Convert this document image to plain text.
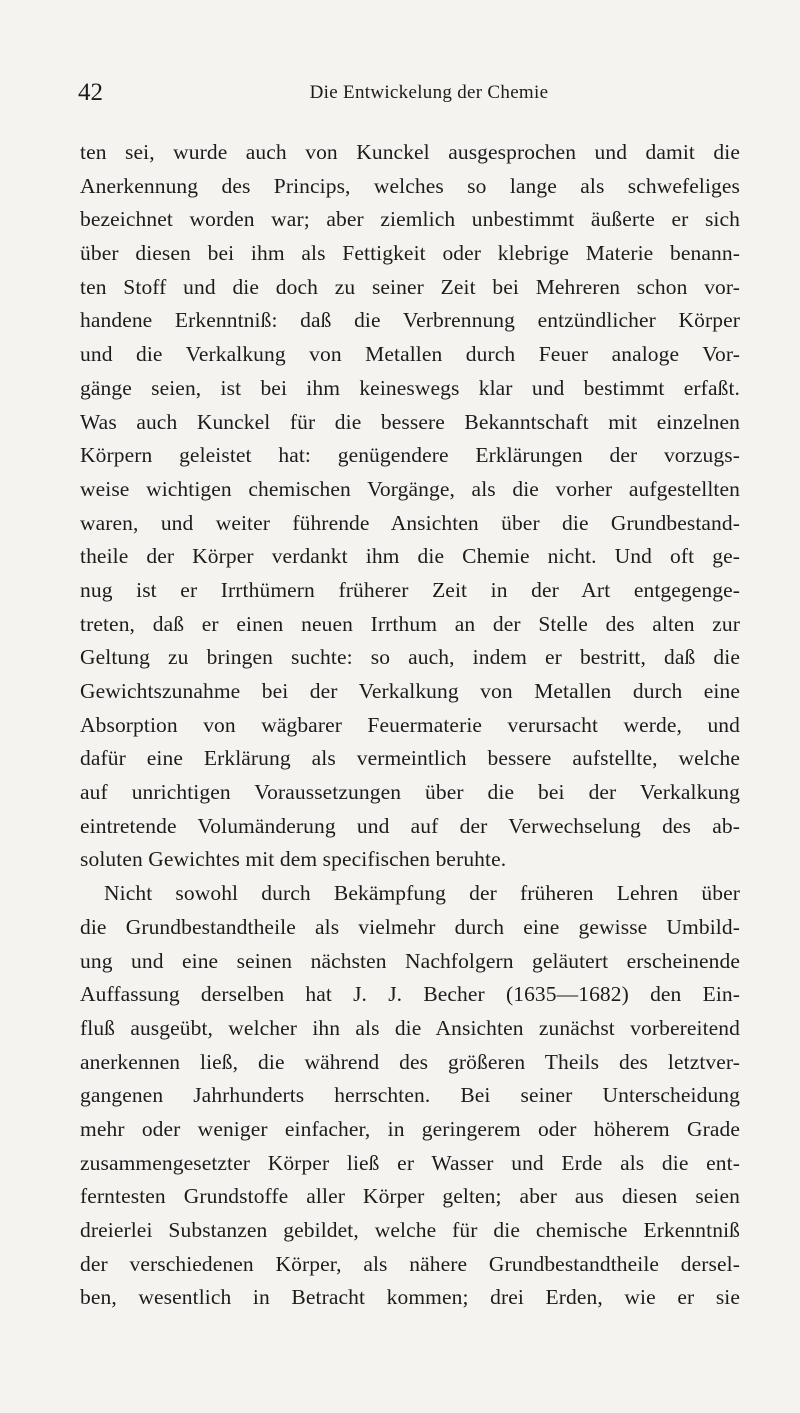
42	Die Entwickelung der Chemie
ten sei, wurde auch von Kunckel ausgesprochen und damit die
Anerkennung des Princips, welches so lange als schwefeliges
bezeichnet worden war; aber ziemlich unbestimmt äußerte er sich
über diesen bei ihm als Fettigkeit oder klebrige Materie benann-
ten Stoff und die doch zu seiner Zeit bei Mehreren schon vor-
handene Erkenntniß: daß die Verbrennung entzündlicher Körper
und die Verkalkung von Metallen durch Feuer analoge Vor-
gänge seien, ist bei ihm keineswegs klar und bestimmt erfaßt.
Was auch Kunckel für die bessere Bekanntschaft mit einzelnen
Körpern geleistet hat: genügendere Erklärungen der vorzugs-
weise wichtigen chemischen Vorgänge, als die vorher aufgestellten
waren, und weiter führende Ansichten über die Grundbestand-
theile der Körper verdankt ihm die Chemie nicht. Und oft ge-
nug ist er Irrthümern früherer Zeit in der Art entgegenge-
treten, daß er einen neuen Irrthum an der Stelle des alten zur
Geltung zu bringen suchte: so auch, indem er bestritt, daß die
Gewichtszunahme bei der Verkalkung von Metallen durch eine
Absorption von wägbarer Feuermaterie verursacht werde, und
dafür eine Erklärung als vermeintlich bessere aufstellte, welche
auf unrichtigen Voraussetzungen über die bei der Verkalkung
eintretende Volumänderung und auf der Verwechselung des ab-
soluten Gewichtes mit dem specifischen beruhte.
Nicht sowohl durch Bekämpfung der früheren Lehren über
die Grundbestandtheile als vielmehr durch eine gewisse Umbild-
ung und eine seinen nächsten Nachfolgern geläutert erscheinende
Auffassung derselben hat J. J. Becher (1635—1682) den Ein-
fluß ausgeübt, welcher ihn als die Ansichten zunächst vorbereitend
anerkennen ließ, die während des größeren Theils des letztver-
gangenen Jahrhunderts herrschten. Bei seiner Unterscheidung
mehr oder weniger einfacher, in geringerem oder höherem Grade
zusammengesetzter Körper ließ er Wasser und Erde als die ent-
ferntesten Grundstoffe aller Körper gelten; aber aus diesen seien
dreierlei Substanzen gebildet, welche für die chemische Erkenntniß
der verschiedenen Körper, als nähere Grundbestandtheile dersel-
ben, wesentlich in Betracht kommen; drei Erden, wie er sie
